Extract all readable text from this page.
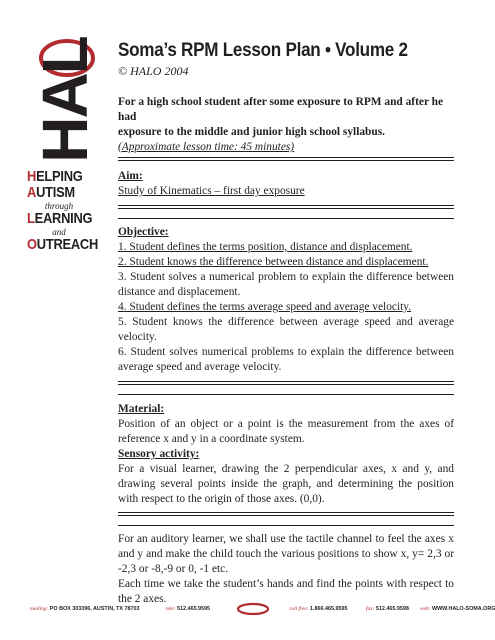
HAL
HELPING
AUTISM
through
LEARNING
and
OUTREACH
Soma’s RPM Lesson Plan • Volume 2
© HALO 2004

For a high school student after some exposure to RPM and after he had

exposure to the middle and junior high school syllabus.

(Approximate lesson time: 45 minutes)

Aim:

Study of Kinematics – first day exposure

Objective:

1. Student defines the terms position, distance and displacement.

2. Student knows the difference between distance and displacement.

3. Student solves a numerical problem to explain the difference between distance and displacement.

4. Student defines the terms average speed and average velocity.

5. Student knows the difference between average speed and average velocity.

6. Student solves numerical problems to explain the difference between average speed and average velocity.

Material:

Position of an object or a point is the measurement from the axes of reference x and y in a coordinate system.

Sensory activity:

For a visual learner, drawing the 2 perpendicular axes, x and y, and drawing several points inside the graph, and determining the position with respect to the origin of those axes. (0,0).

For an auditory learner, we shall use the tactile channel to feel the axes x and y and make the child touch the various positions to show x, y= 2,3 or -2,3 or -8,-9 or 0, -1 etc.

Each time we take the student’s hands and find the points with respect to the 2 axes.

mailing: PO BOX 303396, AUSTIN, TX 78703	tele: 512.465.9595	toll free: 1.866.465.9595	fax: 512.465.9598 web: WWW.HALO-SOMA.ORG
